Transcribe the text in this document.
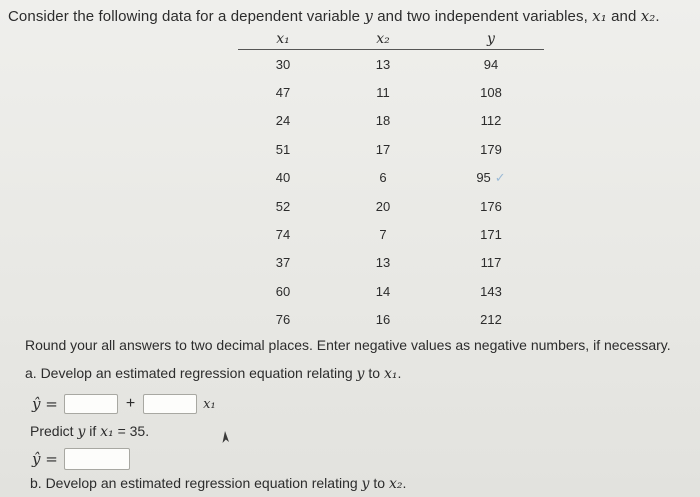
Consider the following data for a dependent variable y and two independent variables, x₁ and x₂.
x₁	x₂	y
30	13	94
47	11	108
24	18	112
51	17	179
40	6	95 ✓
52	20	176
74	7	171
37	13	117
60	14	143
76	16	212
Round your all answers to two decimal places. Enter negative values as negative numbers, if necessary.
a. Develop an estimated regression equation relating y to x₁.
ŷ =	+	x₁
Predict y if x₁ = 35.
ŷ =
b. Develop an estimated regression equation relating y to x₂.
